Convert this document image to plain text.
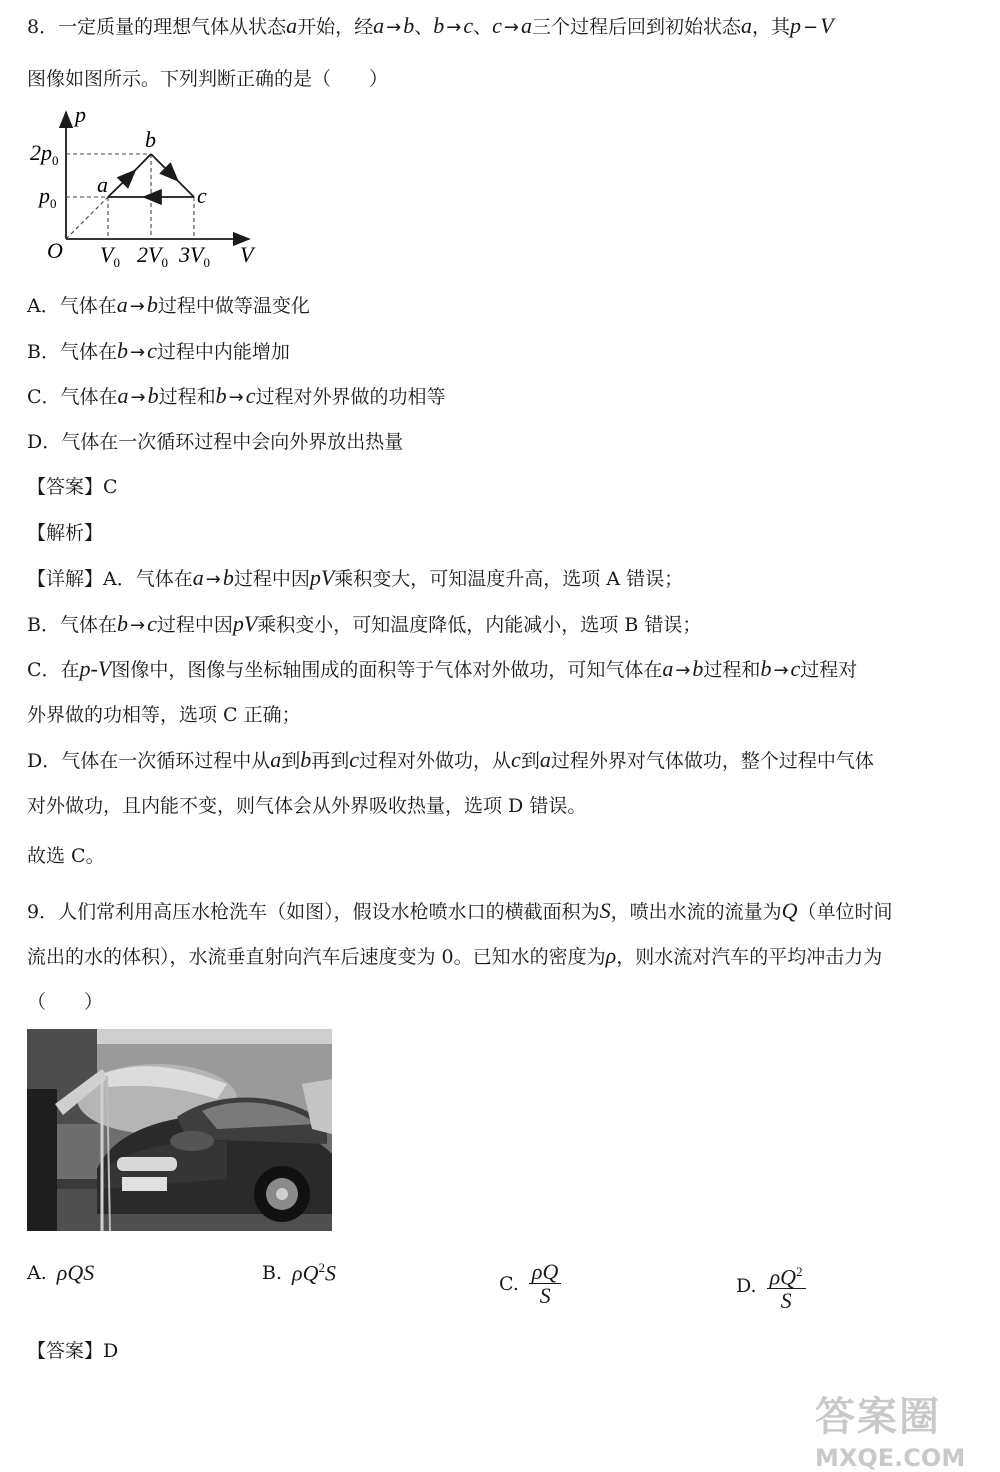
8．一定质量的理想气体从状态a开始，经a →b、b →c、c →a三个过程后回到初始状态a，其p −V
图像如图所示。下列判断正确的是（　　）
p
V
O
$2p_0$
$p_0$
$V_0$ $2V_0$ $3V_0$
a
b
c
A．气体在a →b过程中做等温变化
B．气体在b →c过程中内能增加
C．气体在a →b过程和b →c过程对外界做的功相等
D．气体在一次循环过程中会向外界放出热量
【答案】C
【解析】
【详解】A．气体在a →b过程中因pV乘积变大，可知温度升高，选项 A 错误；
B．气体在b →c过程中因pV乘积变小，可知温度降低，内能减小，选项 B 错误；
C．在p-V图像中，图像与坐标轴围成的面积等于气体对外做功，可知气体在a →b过程和b →c过程对
外界做的功相等，选项 C 正确；
D．气体在一次循环过程中从a到b再到c过程对外做功，从c到a过程外界对气体做功，整个过程中气体
对外做功，且内能不变，则气体会从外界吸收热量，选项 D 错误。
故选 C。
9．人们常利用高压水枪洗车（如图），假设水枪喷水口的横截面积为S，喷出水流的流量为Q（单位时间
流出的水的体积），水流垂直射向汽车后速度变为 0。已知水的密度为ρ，则水流对汽车的平均冲击力为
（　　）
A. ρQS	B. $\rho Q^2S$	C. $\frac{\rho Q}{S}$	D. $\frac{\rho Q^2}{S}$
【答案】D
答案圈
MXQE.COM
